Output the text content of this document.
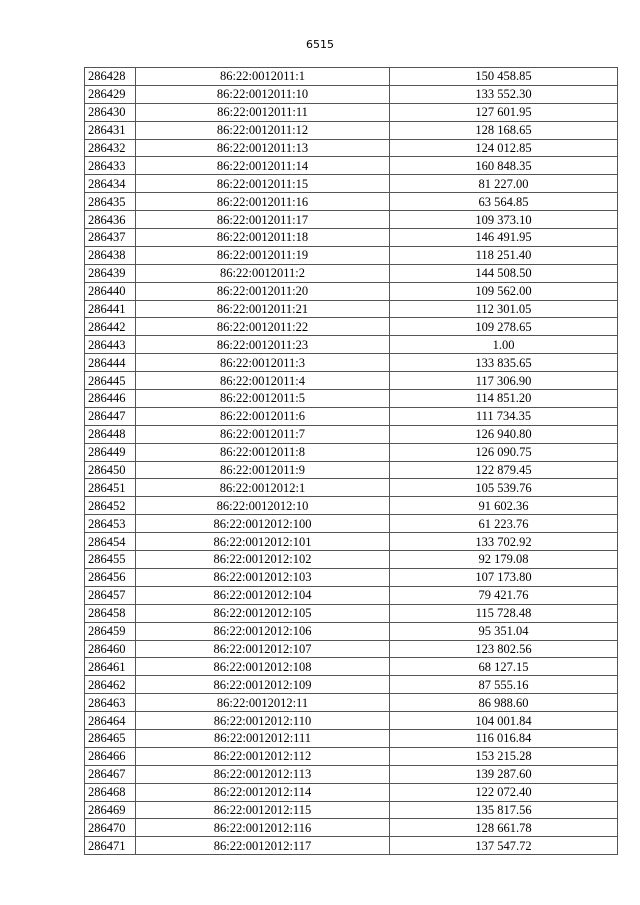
6515
286428	86:22:0012011:1	150 458.85
286429	86:22:0012011:10	133 552.30
286430	86:22:0012011:11	127 601.95
286431	86:22:0012011:12	128 168.65
286432	86:22:0012011:13	124 012.85
286433	86:22:0012011:14	160 848.35
286434	86:22:0012011:15	81 227.00
286435	86:22:0012011:16	63 564.85
286436	86:22:0012011:17	109 373.10
286437	86:22:0012011:18	146 491.95
286438	86:22:0012011:19	118 251.40
286439	86:22:0012011:2	144 508.50
286440	86:22:0012011:20	109 562.00
286441	86:22:0012011:21	112 301.05
286442	86:22:0012011:22	109 278.65
286443	86:22:0012011:23	1.00
286444	86:22:0012011:3	133 835.65
286445	86:22:0012011:4	117 306.90
286446	86:22:0012011:5	114 851.20
286447	86:22:0012011:6	111 734.35
286448	86:22:0012011:7	126 940.80
286449	86:22:0012011:8	126 090.75
286450	86:22:0012011:9	122 879.45
286451	86:22:0012012:1	105 539.76
286452	86:22:0012012:10	91 602.36
286453	86:22:0012012:100	61 223.76
286454	86:22:0012012:101	133 702.92
286455	86:22:0012012:102	92 179.08
286456	86:22:0012012:103	107 173.80
286457	86:22:0012012:104	79 421.76
286458	86:22:0012012:105	115 728.48
286459	86:22:0012012:106	95 351.04
286460	86:22:0012012:107	123 802.56
286461	86:22:0012012:108	68 127.15
286462	86:22:0012012:109	87 555.16
286463	86:22:0012012:11	86 988.60
286464	86:22:0012012:110	104 001.84
286465	86:22:0012012:111	116 016.84
286466	86:22:0012012:112	153 215.28
286467	86:22:0012012:113	139 287.60
286468	86:22:0012012:114	122 072.40
286469	86:22:0012012:115	135 817.56
286470	86:22:0012012:116	128 661.78
286471	86:22:0012012:117	137 547.72
